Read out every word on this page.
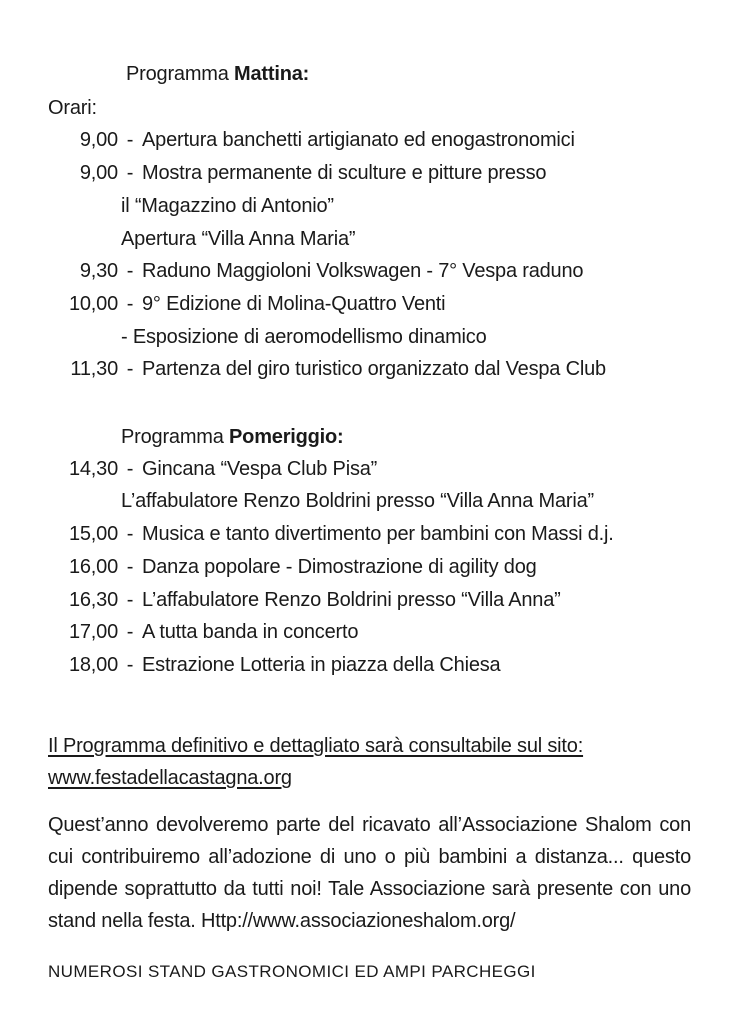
Programma Mattina:
Orari:
9,00 - Apertura banchetti artigianato ed enogastronomici
9,00 - Mostra permanente di sculture e pitture presso
il “Magazzino di Antonio”
Apertura “Villa Anna Maria”
9,30 - Raduno Maggioloni Volkswagen - 7° Vespa raduno
10,00 - 9° Edizione di Molina-Quattro Venti
- Esposizione di aeromodellismo dinamico
11,30 - Partenza del giro turistico organizzato dal Vespa Club
Programma Pomeriggio:
14,30 - Gincana “Vespa Club Pisa”
L’affabulatore Renzo Boldrini presso “Villa Anna Maria”
15,00 - Musica e tanto divertimento per bambini con Massi d.j.
16,00 - Danza popolare - Dimostrazione di agility dog
16,30 - L’affabulatore Renzo Boldrini presso “Villa Anna”
17,00 - A tutta banda in concerto
18,00 - Estrazione Lotteria in piazza della Chiesa
Il Programma definitivo e dettagliato sarà consultabile sul sito:
www.festadellacastagna.org
Quest’anno devolveremo parte del ricavato all’Associazione Shalom con cui contribuiremo all’adozione di uno o più bambini a distanza... questo dipende soprattutto da tutti noi! Tale Associazione sarà presente con uno stand nella festa. Http://www.associazioneshalom.org/
NUMEROSI STAND GASTRONOMICI ED AMPI PARCHEGGI
